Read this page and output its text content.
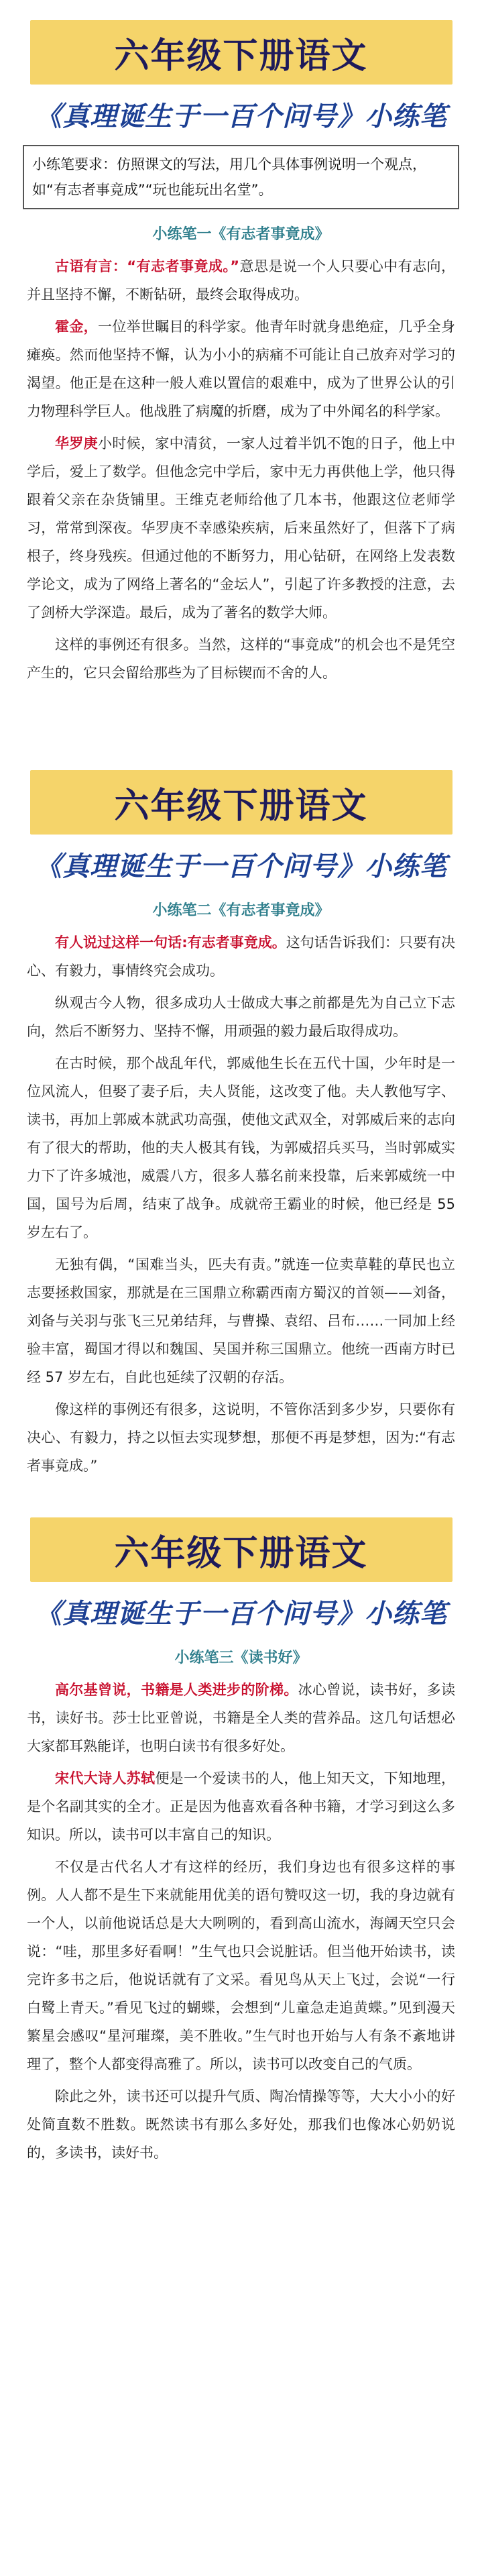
六年级下册语文
《真理诞生于一百个问号》小练笔
小练笔要求：仿照课文的写法，用几个具体事例说明一个观点，如“有志者事竟成”“玩也能玩出名堂”。
小练笔一《有志者事竟成》

古语有言：“有志者事竟成。”意思是说一个人只要心中有志向，并且坚持不懈，不断钻研，最终会取得成功。

霍金，一位举世瞩目的科学家。他青年时就身患绝症，几乎全身瘫痪。然而他坚持不懈，认为小小的病痛不可能让自己放弃对学习的渴望。他正是在这种一般人难以置信的艰难中，成为了世界公认的引力物理科学巨人。他战胜了病魔的折磨，成为了中外闻名的科学家。

华罗庚小时候，家中清贫，一家人过着半饥不饱的日子，他上中学后，爱上了数学。但他念完中学后，家中无力再供他上学，他只得跟着父亲在杂货铺里。王维克老师给他了几本书，他跟这位老师学习，常常到深夜。华罗庚不幸感染疾病，后来虽然好了，但落下了病根子，终身残疾。但通过他的不断努力，用心钻研，在网络上发表数学论文，成为了网络上著名的“金坛人”，引起了许多教授的注意，去了剑桥大学深造。最后，成为了著名的数学大师。

这样的事例还有很多。当然，这样的“事竟成”的机会也不是凭空产生的，它只会留给那些为了目标锲而不舍的人。

六年级下册语文
《真理诞生于一百个问号》小练笔
小练笔二《有志者事竟成》

有人说过这样一句话:有志者事竟成。这句话告诉我们：只要有决心、有毅力，事情终究会成功。

纵观古今人物，很多成功人士做成大事之前都是先为自己立下志向，然后不断努力、坚持不懈，用顽强的毅力最后取得成功。

在古时候，那个战乱年代，郭威他生长在五代十国，少年时是一位风流人，但娶了妻子后，夫人贤能，这改变了他。夫人教他写字、读书，再加上郭威本就武功高强，使他文武双全，对郭威后来的志向有了很大的帮助，他的夫人极其有钱，为郭威招兵买马，当时郭威实力下了许多城池，威震八方，很多人慕名前来投靠，后来郭威统一中国，国号为后周，结束了战争。成就帝王霸业的时候，他已经是 55 岁左右了。

无独有偶，“国难当头，匹夫有责。”就连一位卖草鞋的草民也立志要拯救国家，那就是在三国鼎立称霸西南方蜀汉的首领——刘备，刘备与关羽与张飞三兄弟结拜，与曹操、袁绍、吕布……一同加上经验丰富，蜀国才得以和魏国、吴国并称三国鼎立。他统一西南方时已经 57 岁左右，自此也延续了汉朝的存活。

像这样的事例还有很多，这说明，不管你活到多少岁，只要你有决心、有毅力，持之以恒去实现梦想，那便不再是梦想，因为:“有志者事竟成。”

六年级下册语文
《真理诞生于一百个问号》小练笔
小练笔三《读书好》

高尔基曾说，书籍是人类进步的阶梯。冰心曾说，读书好，多读书，读好书。莎士比亚曾说，书籍是全人类的营养品。这几句话想必大家都耳熟能详，也明白读书有很多好处。

宋代大诗人苏轼便是一个爱读书的人，他上知天文，下知地理，是个名副其实的全才。正是因为他喜欢看各种书籍，才学习到这么多知识。所以，读书可以丰富自己的知识。

不仅是古代名人才有这样的经历，我们身边也有很多这样的事例。人人都不是生下来就能用优美的语句赞叹这一切，我的身边就有一个人，以前他说话总是大大咧咧的，看到高山流水，海阔天空只会说：“哇，那里多好看啊！”生气也只会说脏话。但当他开始读书，读完许多书之后，他说话就有了文采。看见鸟从天上飞过，会说“一行白鹭上青天。”看见飞过的蝴蝶，会想到“儿童急走追黄蝶。”见到漫天繁星会感叹“星河璀璨，美不胜收。”生气时也开始与人有条不紊地讲理了，整个人都变得高雅了。所以，读书可以改变自己的气质。

除此之外，读书还可以提升气质、陶冶情操等等，大大小小的好处简直数不胜数。既然读书有那么多好处，那我们也像冰心奶奶说的，多读书，读好书。
